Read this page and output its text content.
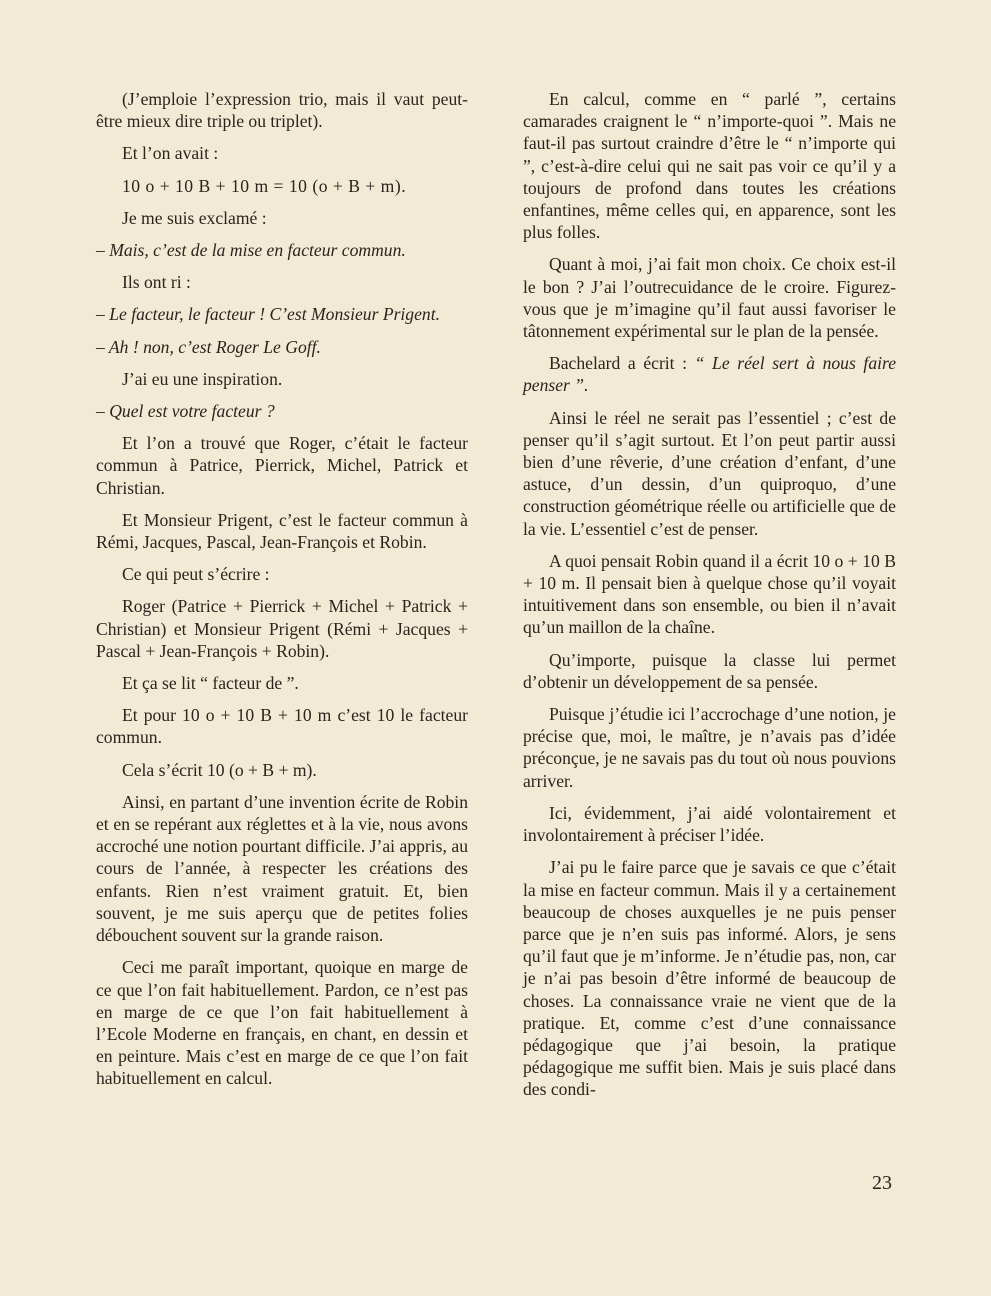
(J’emploie l’expression trio, mais il vaut peut-être mieux dire triple ou triplet).

Et l’on avait :

10 o + 10 B + 10 m = 10 (o + B + m).

Je me suis exclamé :

– Mais, c’est de la mise en facteur commun.

Ils ont ri :

– Le facteur, le facteur ! C’est Monsieur Prigent.

– Ah ! non, c’est Roger Le Goff.

J’ai eu une inspiration.

– Quel est votre facteur ?

Et l’on a trouvé que Roger, c’était le facteur commun à Patrice, Pierrick, Michel, Patrick et Christian.

Et Monsieur Prigent, c’est le facteur commun à Rémi, Jacques, Pascal, Jean-François et Robin.

Ce qui peut s’écrire :

Roger (Patrice + Pierrick + Michel + Patrick + Christian) et Monsieur Prigent (Rémi + Jacques + Pascal + Jean-François + Robin).

Et ça se lit “ facteur de ”.

Et pour 10 o + 10 B + 10 m c’est 10 le facteur commun.

Cela s’écrit 10 (o + B + m).

Ainsi, en partant d’une invention écrite de Robin et en se repérant aux réglettes et à la vie, nous avons accroché une notion pourtant difficile. J’ai appris, au cours de l’année, à respecter les créations des enfants. Rien n’est vraiment gratuit. Et, bien souvent, je me suis aperçu que de petites folies débouchent souvent sur la grande raison.

Ceci me paraît important, quoique en marge de ce que l’on fait habituellement. Pardon, ce n’est pas en marge de ce que l’on fait habituellement à l’Ecole Moderne en français, en chant, en dessin et en peinture. Mais c’est en marge de ce que l’on fait habituellement en calcul.

En calcul, comme en “ parlé ”, certains camarades craignent le “ n’importe-quoi ”. Mais ne faut-il pas surtout craindre d’être le “ n’importe qui ”, c’est-à-dire celui qui ne sait pas voir ce qu’il y a toujours de profond dans toutes les créations enfantines, même celles qui, en apparence, sont les plus folles.

Quant à moi, j’ai fait mon choix. Ce choix est-il le bon ? J’ai l’outrecuidance de le croire. Figurez-vous que je m’imagine qu’il faut aussi favoriser le tâtonnement expérimental sur le plan de la pensée.

Bachelard a écrit : “ Le réel sert à nous faire penser ”.

Ainsi le réel ne serait pas l’essentiel ; c’est de penser qu’il s’agit surtout. Et l’on peut partir aussi bien d’une rêverie, d’une création d’enfant, d’une astuce, d’un dessin, d’un quiproquo, d’une construction géométrique réelle ou artificielle que de la vie. L’essentiel c’est de penser.

A quoi pensait Robin quand il a écrit 10 o + 10 B + 10 m. Il pensait bien à quelque chose qu’il voyait intuitivement dans son ensemble, ou bien il n’avait qu’un maillon de la chaîne.

Qu’importe, puisque la classe lui permet d’obtenir un développement de sa pensée.

Puisque j’étudie ici l’accrochage d’une notion, je précise que, moi, le maître, je n’avais pas d’idée préconçue, je ne savais pas du tout où nous pouvions arriver.

Ici, évidemment, j’ai aidé volontairement et involontairement à préciser l’idée.

J’ai pu le faire parce que je savais ce que c’était la mise en facteur commun. Mais il y a certainement beaucoup de choses auxquelles je ne puis penser parce que je n’en suis pas informé. Alors, je sens qu’il faut que je m’informe. Je n’étudie pas, non, car je n’ai pas besoin d’être informé de beaucoup de choses. La connaissance vraie ne vient que de la pratique. Et, comme c’est d’une connaissance pédagogique que j’ai besoin, la pratique pédagogique me suffit bien. Mais je suis placé dans des condi-

23
